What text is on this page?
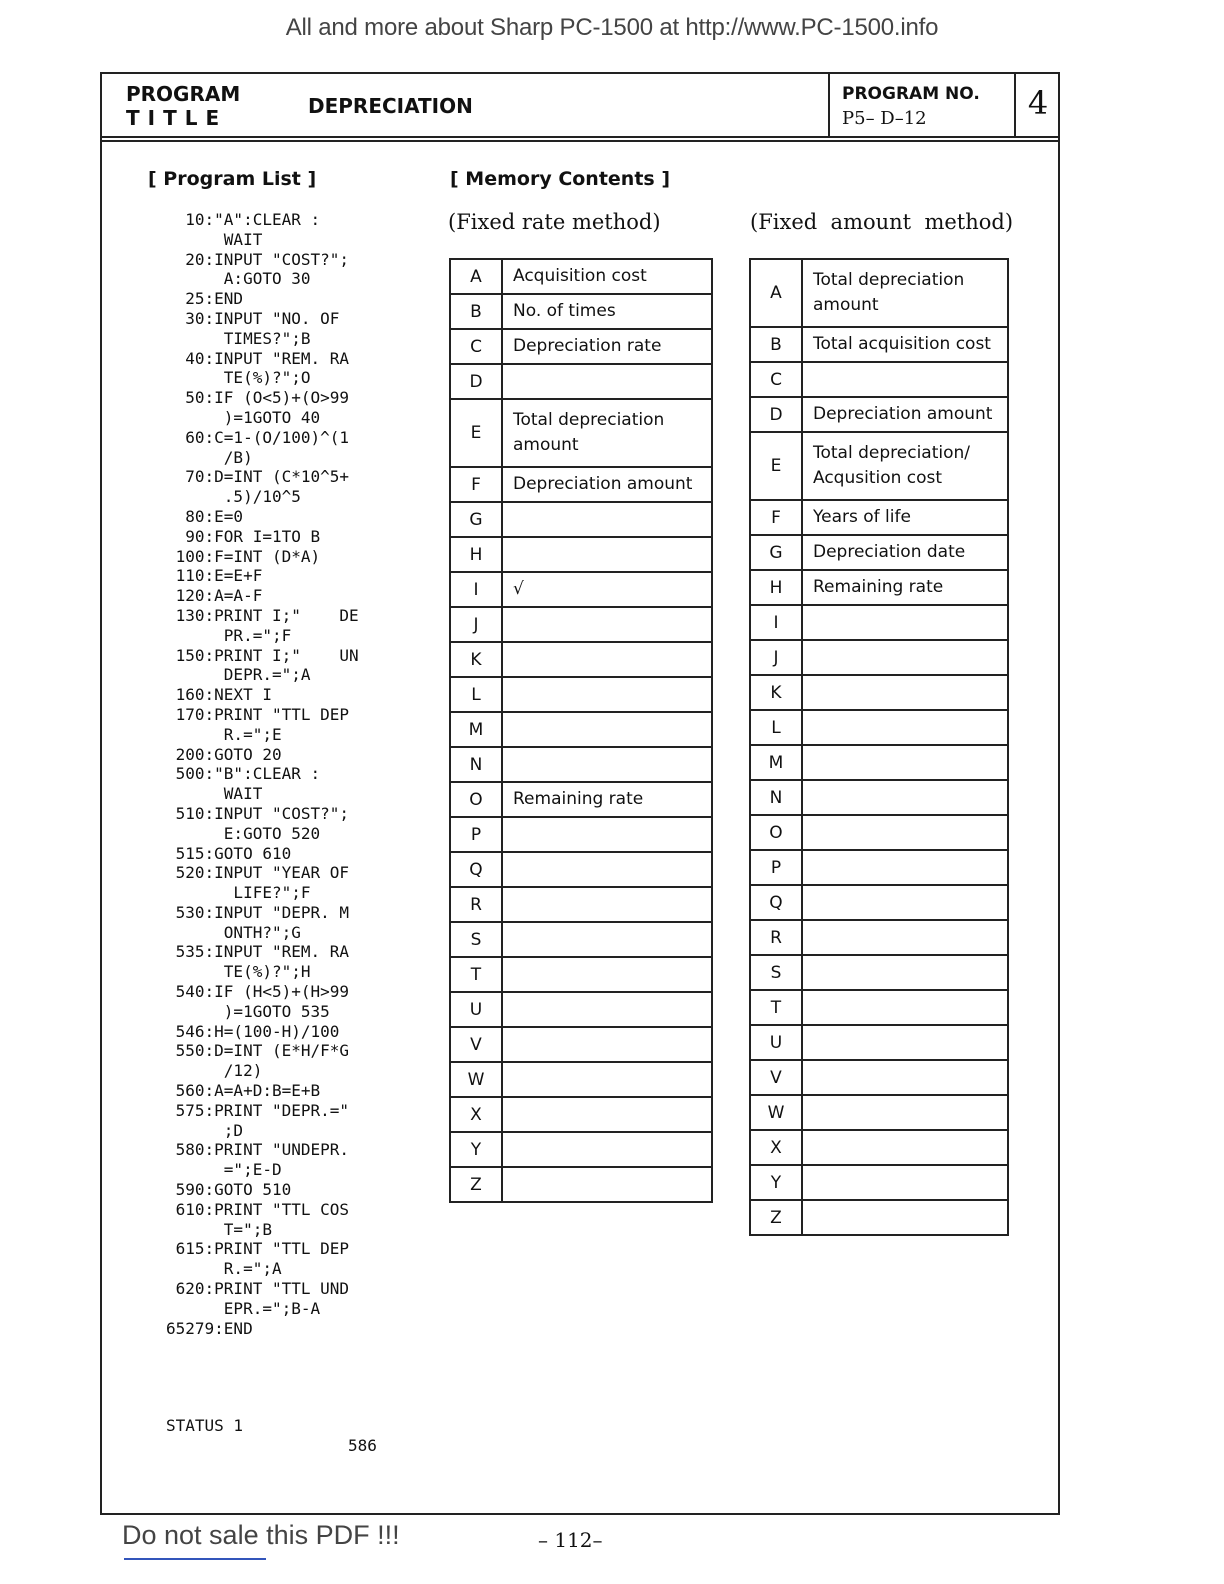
All and more about Sharp PC-1500 at http://www.PC-1500.info
PROGRAM
TITLE	DEPRECIATION	PROGRAM NO.
P5– D–12	4
[ Program List ]
10:"A":CLEAR :
WAIT
20:INPUT "COST?";
A:GOTO 30
25:END
30:INPUT "NO. OF
TIMES?";B
40:INPUT "REM. RA
TE(%)?";O
50:IF (O<5)+(O>99
)=1GOTO 40
60:C=1-(O/100)^(1
/B)
70:D=INT (C*10^5+
.5)/10^5
80:E=0
90:FOR I=1TO B
100:F=INT (D*A)
110:E=E+F
120:A=A-F
130:PRINT I;"    DE
PR.=";F
150:PRINT I;"    UN
DEPR.=";A
160:NEXT I
170:PRINT "TTL DEP
R.=";E
200:GOTO 20
500:"B":CLEAR :
WAIT
510:INPUT "COST?";
E:GOTO 520
515:GOTO 610
520:INPUT "YEAR OF
LIFE?";F
530:INPUT "DEPR. M
ONTH?";G
535:INPUT "REM. RA
TE(%)?";H
540:IF (H<5)+(H>99
)=1GOTO 535
546:H=(100-H)/100
550:D=INT (E*H/F*G
/12)
560:A=A+D:B=E+B
575:PRINT "DEPR.="
;D
580:PRINT "UNDEPR.
=";E-D
590:GOTO 510
610:PRINT "TTL COS
T=";B
615:PRINT "TTL DEP
R.=";A
620:PRINT "TTL UND
EPR.=";B-A
65279:END
STATUS 1
586
[ Memory Contents ]
(Fixed rate method)	(Fixed  amount  method)
A	Acquisition cost
B	No. of times
C	Depreciation rate
D	
E	Total depreciation amount
F	Depreciation amount
G	
H	
I	√
J	
K	
L	
M	
N	
O	Remaining rate
P	
Q	
R	
S	
T	
U	
V	
W	
X	
Y	
Z	
A	Total depreciation amount
B	Total acquisition cost
C	
D	Depreciation amount
E	Total depreciation/ Acqusition cost
F	Years of life
G	Depreciation date
H	Remaining rate
I	
J	
K	
L	
M	
N	
O	
P	
Q	
R	
S	
T	
U	
V	
W	
X	
Y	
Z	
Do not sale this PDF !!!	– 112–
